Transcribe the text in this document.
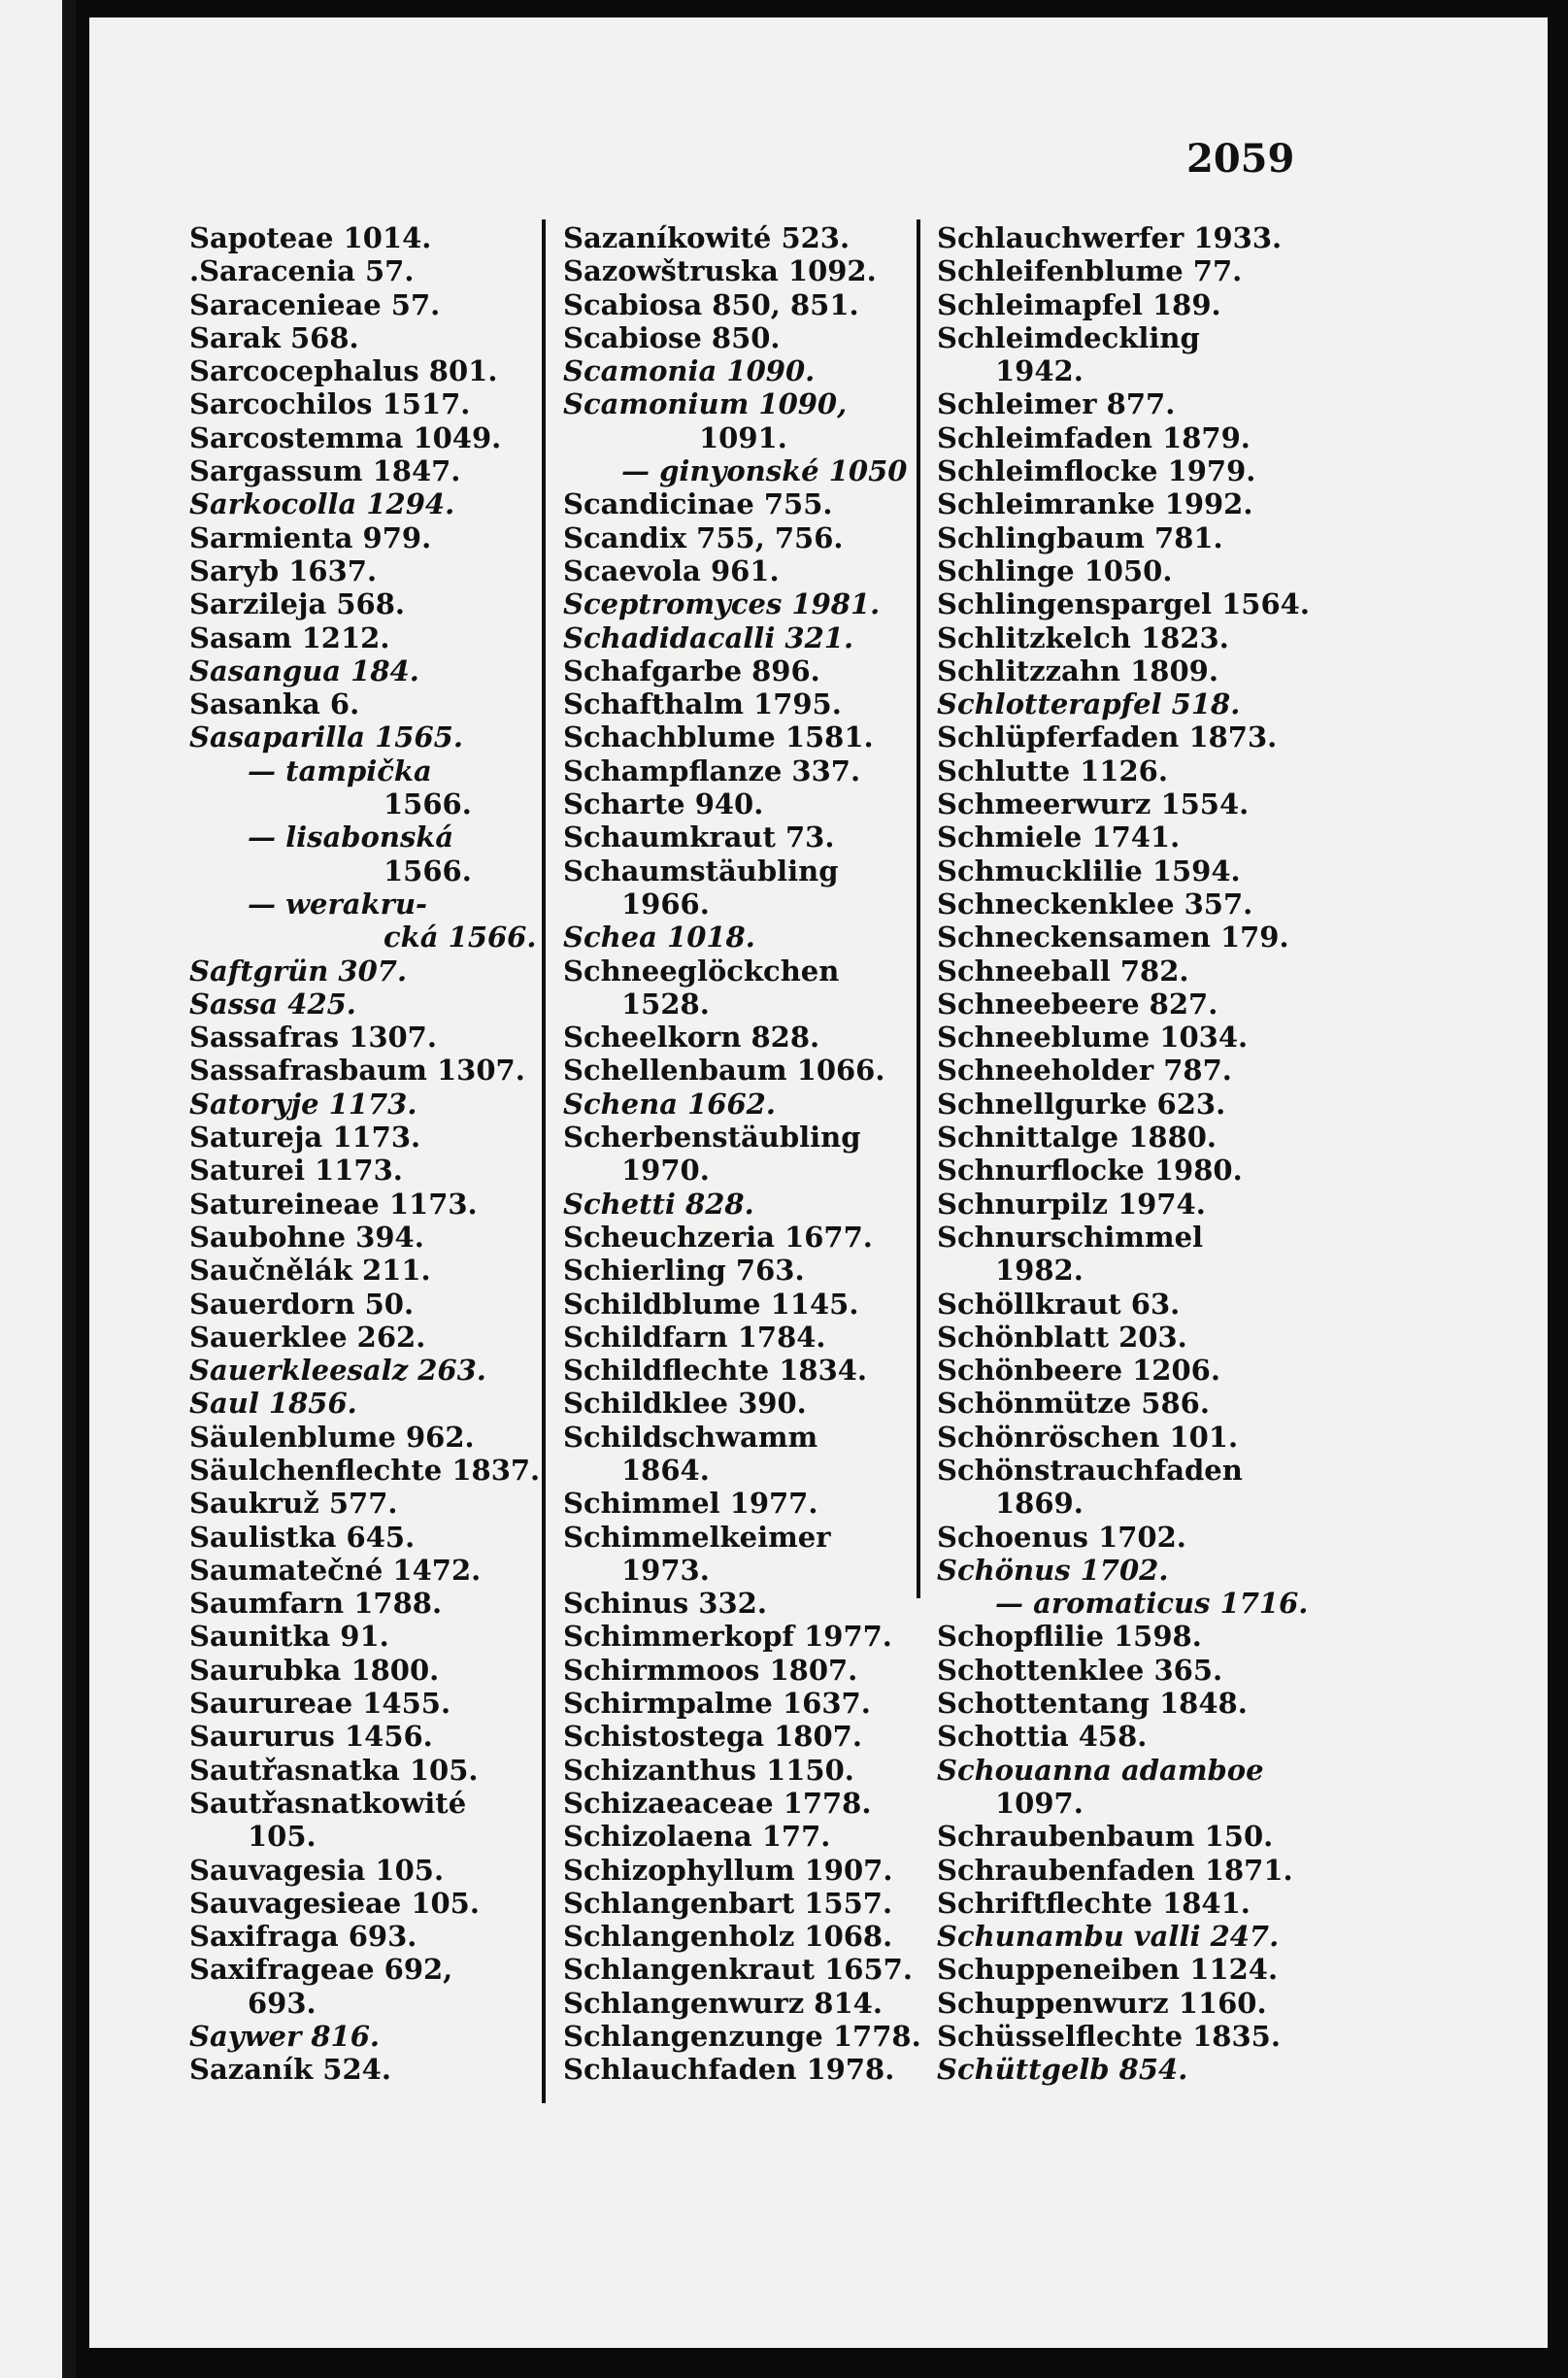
2059
Sapoteae 1014.
.Saracenia 57.
Saracenieae 57.
Sarak 568.
Sarcocephalus 801.
Sarcochilos 1517.
Sarcostemma 1049.
Sargassum 1847.
Sarkocolla 1294.
Sarmienta 979.
Saryb 1637.
Sarzileja 568.
Sasam 1212.
Sasangua 184.
Sasanka 6.
Sasaparilla 1565.
— tampička
1566.
— lisabonská
1566.
— werakru-
cká 1566.
Saftgrün 307.
Sassa 425.
Sassafras 1307.
Sassafrasbaum 1307.
Satoryje 1173.
Satureja 1173.
Saturei 1173.
Satureineae 1173.
Saubohne 394.
Saučnělák 211.
Sauerdorn 50.
Sauerklee 262.
Sauerkleesalz 263.
Saul 1856.
Säulenblume 962.
Säulchenflechte 1837.
Saukruž 577.
Saulistka 645.
Saumatečné 1472.
Saumfarn 1788.
Saunitka 91.
Saurubka 1800.
Saurureae 1455.
Saururus 1456.
Sautřasnatka 105.
Sautřasnatkowité
105.
Sauvagesia 105.
Sauvagesieae 105.
Saxifraga 693.
Saxifrageae 692,
693.
Saywer 816.
Sazaník 524.
Sazaníkowité 523.
Sazowštruska 1092.
Scabiosa 850, 851.
Scabiose 850.
Scamonia 1090.
Scamonium 1090,
1091.
— ginyonské 1050
Scandicinae 755.
Scandix 755, 756.
Scaevola 961.
Sceptromyces 1981.
Schadidacalli 321.
Schafgarbe 896.
Schafthalm 1795.
Schachblume 1581.
Schampflanze 337.
Scharte 940.
Schaumkraut 73.
Schaumstäubling
1966.
Schea 1018.
Schneeglöckchen
1528.
Scheelkorn 828.
Schellenbaum 1066.
Schena 1662.
Scherbenstäubling
1970.
Schetti 828.
Scheuchzeria 1677.
Schierling 763.
Schildblume 1145.
Schildfarn 1784.
Schildflechte 1834.
Schildklee 390.
Schildschwamm
1864.
Schimmel 1977.
Schimmelkeimer
1973.
Schinus 332.
Schimmerkopf 1977.
Schirmmoos 1807.
Schirmpalme 1637.
Schistostega 1807.
Schizanthus 1150.
Schizaeaceae 1778.
Schizolaena 177.
Schizophyllum 1907.
Schlangenbart 1557.
Schlangenholz 1068.
Schlangenkraut 1657.
Schlangenwurz 814.
Schlangenzunge 1778.
Schlauchfaden 1978.
Schlauchwerfer 1933.
Schleifenblume 77.
Schleimapfel 189.
Schleimdeckling
1942.
Schleimer 877.
Schleimfaden 1879.
Schleimflocke 1979.
Schleimranke 1992.
Schlingbaum 781.
Schlinge 1050.
Schlingenspargel 1564.
Schlitzkelch 1823.
Schlitzzahn 1809.
Schlotterapfel 518.
Schlüpferfaden 1873.
Schlutte 1126.
Schmeerwurz 1554.
Schmiele 1741.
Schmucklilie 1594.
Schneckenklee 357.
Schneckensamen 179.
Schneeball 782.
Schneebeere 827.
Schneeblume 1034.
Schneeholder 787.
Schnellgurke 623.
Schnittalge 1880.
Schnurflocke 1980.
Schnurpilz 1974.
Schnurschimmel
1982.
Schöllkraut 63.
Schönblatt 203.
Schönbeere 1206.
Schönmütze 586.
Schönröschen 101.
Schönstrauchfaden
1869.
Schoenus 1702.
Schönus 1702.
— aromaticus 1716.
Schopflilie 1598.
Schottenklee 365.
Schottentang 1848.
Schottia 458.
Schouanna adamboe
1097.
Schraubenbaum 150.
Schraubenfaden 1871.
Schriftflechte 1841.
Schunambu valli 247.
Schuppeneiben 1124.
Schuppenwurz 1160.
Schüsselflechte 1835.
Schüttgelb 854.
